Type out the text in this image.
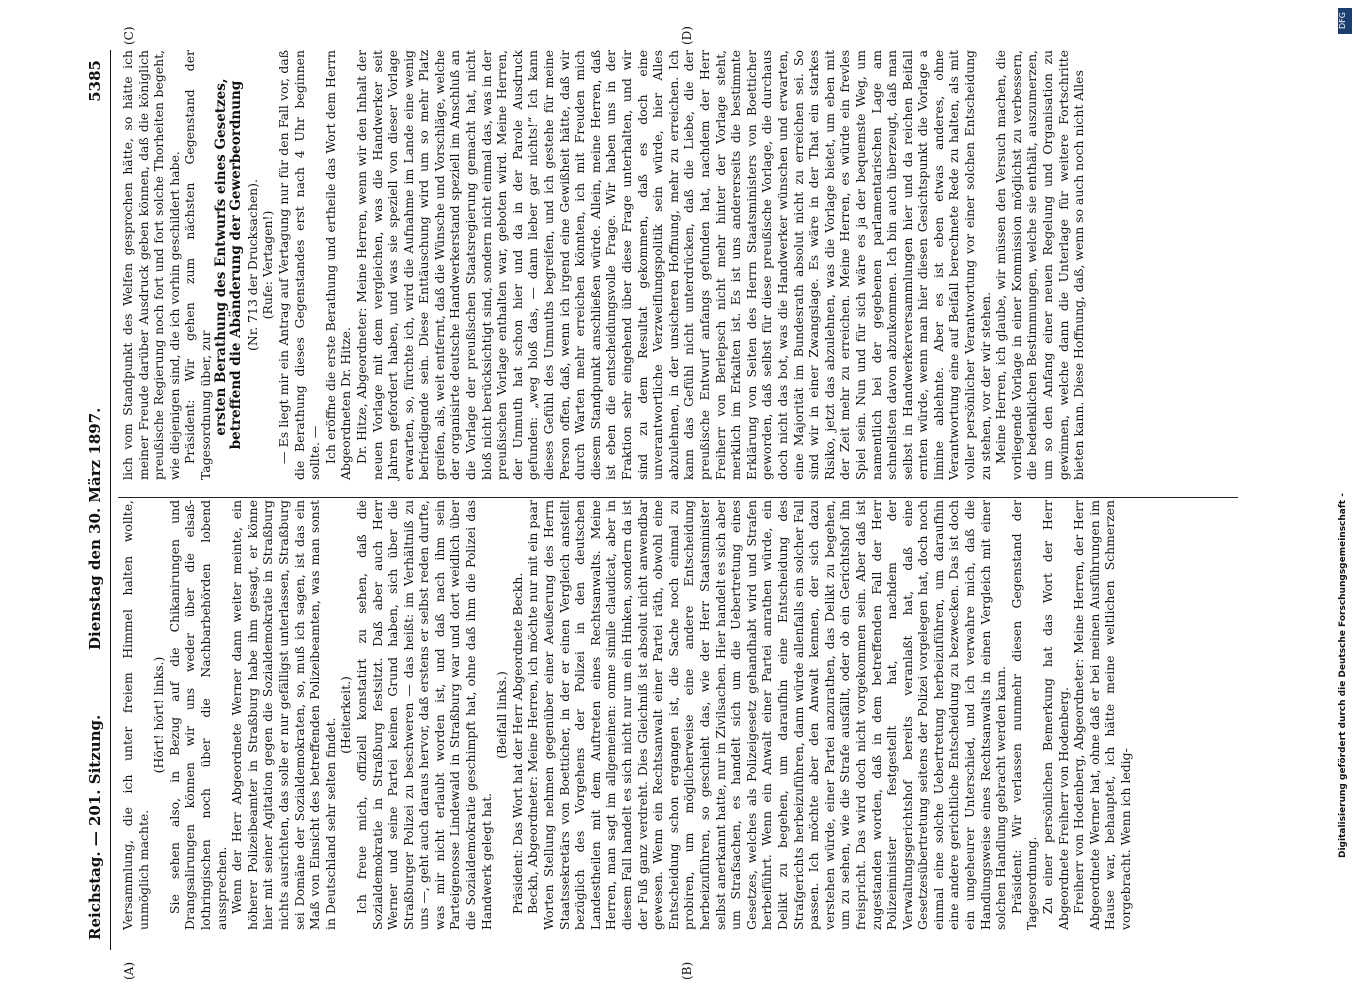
Reichstag. — 201. Sitzung.
Dienstag den 30. März 1897.
5385
(A)	(B)
(C)	(D)

Versammlung, die ich unter freiem Himmel halten wollte, unmöglich machte.

(Hört! hört! links.) Sie sehen also, in Bezug auf die Chikanirungen und Drangsalirungen können wir uns weder über die elsaß-lothringischen noch über die Nachbarbehörden lobend aussprechen. Wenn der Herr Abgeordnete Werner dann weiter meinte, ein höherer Polizeibeamter in Straßburg habe ihm gesagt, er könne hier mit seiner Agitation gegen die Sozialdemokratie in Straßburg nichts ausrichten, das solle er nur gefälligst unterlassen, Straßburg sei Domäne der Sozialdemokraten, so, muß ich sagen, ist das ein Maß von Einsicht des betreffenden Polizeibeamten, was man sonst in Deutschland sehr selten findet.

(Heiterkeit.) Ich freue mich, offiziell konstatirt zu sehen, daß die Sozialdemokratie in Straßburg festsitzt. Daß aber auch Herr Werner und seine Partei keinen Grund haben, sich über die Straßburger Polizei zu beschweren — das heißt: im Verhältniß zu uns —, geht auch daraus hervor, daß erstens er selbst reden durfte, was mir nicht erlaubt worden ist, und daß nach ihm sein Parteigenosse Lindewald in Straßburg war und dort weidlich über die Sozialdemokratie geschimpft hat, ohne daß ihm die Polizei das Handwerk gelegt hat.

(Beifall links.) Präsident: Das Wort hat der Herr Abgeordnete Beckh. Beckh, Abgeordneter: Meine Herren, ich möchte nur mit ein paar Worten Stellung nehmen gegenüber einer Aeußerung des Herrn Staatssekretärs von Boetticher, in der er einen Vergleich anstellt bezüglich des Vorgehens der Polizei in den deutschen Landestheilen mit dem Auftreten eines Rechtsanwalts. Meine Herren, man sagt im allgemeinen: omne simile claudicat, aber in diesem Fall handelt es sich nicht nur um ein Hinken, sondern da ist der Fuß ganz verdreht. Dies Gleichniß ist absolut nicht anwendbar gewesen. Wenn ein Rechtsanwalt einer Partei räth, obwohl eine Entscheidung schon ergangen ist, die Sache noch einmal zu probiren, um möglicherweise eine andere Entscheidung herbeizuführen, so geschieht das, wie der Herr Staatsminister selbst anerkannt hatte, nur in Zivilsachen. Hier handelt es sich aber um Strafsachen, es handelt sich um die Uebertretung eines Gesetzes, welches als Polizeigesetz gehandhabt wird und Strafen herbeiführt. Wenn ein Anwalt einer Partei anrathen würde, ein Delikt zu begehen, um daraufhin eine Entscheidung des Strafgerichts herbeizuführen, dann würde allenfalls ein solcher Fall passen. Ich möchte aber den Anwalt kennen, der sich dazu verstehen würde, einer Partei anzurathen, das Delikt zu begehen, um zu sehen, wie die Strafe ausfällt, oder ob ein Gerichtshof ihn freispricht. Das wird doch nicht vorgekommen sein. Aber daß ist zugestanden worden, daß in dem betreffenden Fall der Herr Polizeiminister festgestellt hat, nachdem der Verwaltungsgerichtshof bereits veranlaßt hat, daß eine Gesetzesübertretung seitens der Polizei vorgelegen hat, doch noch einmal eine solche Uebertretung herbeizuführen, um daraufhin eine andere gerichtliche Entscheidung zu bezwecken. Das ist doch ein ungeheurer Unterschied, und ich verwahre mich, daß die Handlungsweise eines Rechtsanwalts in einen Vergleich mit einer solchen Handlung gebracht werden kann. Präsident: Wir verlassen nunmehr diesen Gegenstand der Tagesordnung. Zu einer persönlichen Bemerkung hat das Wort der Herr Abgeordnete Freiherr von Hodenberg. Freiherr von Hodenberg, Abgeordneter: Meine Herren, der Herr Abgeordnete Werner hat, ohne daß er bei meinen Ausführungen im Hause war, behauptet, ich hätte meine weltlichen Schmerzen vorgebracht. Wenn ich ledig-

lich vom Standpunkt des Welfen gesprochen hätte, so hätte ich meiner Freude darüber Ausdruck geben können, daß die königlich preußische Regierung noch fort und fort solche Thorheiten begeht, wie diejenigen sind, die ich vorhin geschildert habe. Präsident: Wir gehen zum nächsten Gegenstand der Tagesordnung über, zur ersten Berathung des Entwurfs eines Gesetzes, betreffend die Abänderung der Gewerbeordnung (Nr. 713 der Drucksachen). (Rufe: Vertagen!) — Es liegt mir ein Antrag auf Vertagung nur für den Fall vor, daß die Berathung dieses Gegenstandes erst nach 4 Uhr beginnen sollte. — Ich eröffne die erste Berathung und ertheile das Wort dem Herrn Abgeordneten Dr. Hitze. Dr. Hitze, Abgeordneter: Meine Herren, wenn wir den Inhalt der neuen Vorlage mit dem vergleichen, was die Handwerker seit Jahren gefordert haben, und was sie speziell von dieser Vorlage erwarten, so, fürchte ich, wird die Aufnahme im Lande eine wenig befriedigende sein. Diese Enttäuschung wird um so mehr Platz greifen, als, weit entfernt, daß die Wünsche und Vorschläge, welche der organisirte deutsche Handwerkerstand speziell im Anschluß an die Vorlage der preußischen Staatsregierung gemacht hat, nicht bloß nicht berücksichtigt sind, sondern nicht einmal das, was in der preußischen Vorlage enthalten war, geboten wird. Meine Herren, der Unmuth hat schon hier und da in der Parole Ausdruck gefunden: „weg bloß das, — dann lieber gar nichts!“ Ich kann dieses Gefühl des Unmuths begreifen, und ich gestehe für meine Person offen, daß, wenn ich irgend eine Gewißheit hätte, daß wir durch Warten mehr erreichen könnten, ich mit Freuden mich diesem Standpunkt anschließen würde. Allein, meine Herren, daß ist eben die entscheidungsvolle Frage. Wir haben uns in der Fraktion sehr eingehend über diese Frage unterhalten, und wir sind zu dem Resultat gekommen, daß es doch eine unverantwortliche Verzweiflungspolitik sein würde, hier Alles abzulehnen, in der unsicheren Hoffnung, mehr zu erreichen. Ich kann das Gefühl nicht unterdrücken, daß die Liebe, die der preußische Entwurf anfangs gefunden hat, nachdem der Herr Freiherr von Berlepsch nicht mehr hinter der Vorlage steht, merklich im Erkalten ist. Es ist uns andererseits die bestimmte Erklärung von Seiten des Herrn Staatsministers von Boetticher geworden, daß selbst für diese preußische Vorlage, die durchaus doch nicht das bot, was die Handwerker wünschen und erwarten, eine Majorität im Bundesrath absolut nicht zu erreichen sei. So sind wir in einer Zwangslage. Es wäre in der That ein starkes Risiko, jetzt das abzulehnen, was die Vorlage bietet, um eben mit der Zeit mehr zu erreichen. Meine Herren, es würde ein frevles Spiel sein. Nun und für sich wäre es ja der bequemste Weg, um namentlich bei der gegebenen parlamentarischen Lage am schnellsten davon abzukommen. Ich bin auch überzeugt, daß man selbst in Handwerkerversammlungen hier und da reichen Beifall ernten würde, wenn man hier diesen Gesichtspunkt die Vorlage a limine ablehnte. Aber es ist eben etwas anderes, ohne Verantwortung eine auf Beifall berechnete Rede zu halten, als mit voller persönlicher Verantwortung vor einer solchen Entscheidung zu stehen, vor der wir stehen. Meine Herren, ich glaube, wir müssen den Versuch machen, die vorliegende Vorlage in einer Kommission möglichst zu verbessern, die bedenklichen Bestimmungen, welche sie enthält, auszumerzen, um so den Anfang einer neuen Regelung und Organisation zu gewinnen, welche dann die Unterlage für weitere Fortschritte bieten kann. Diese Hoffnung, daß, wenn so auch noch nicht Alles

DFG
Digitalisierung gefördert durch die Deutsche Forschungsgemeinschaft -
